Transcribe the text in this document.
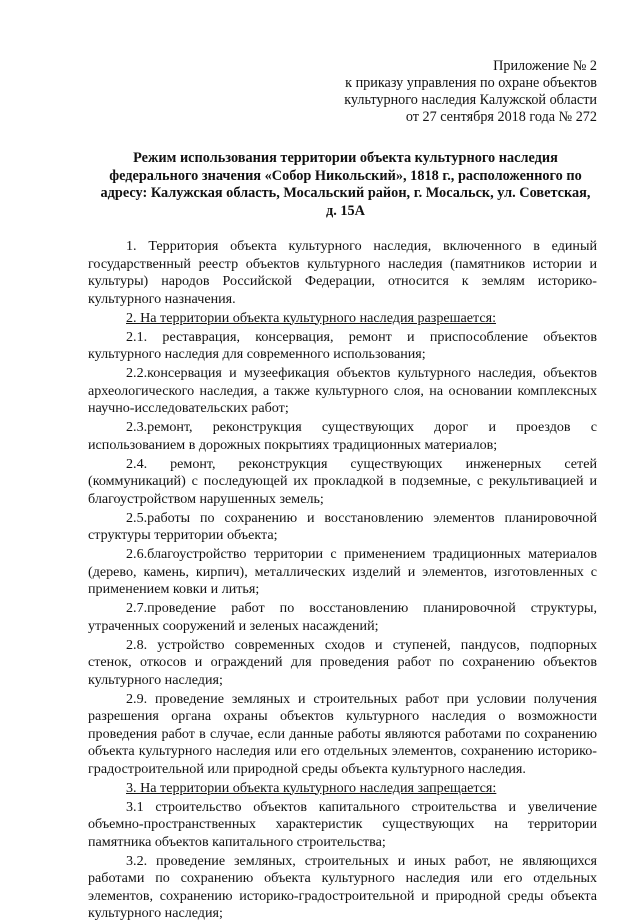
Приложение № 2
к приказу управления по охране объектов
культурного наследия Калужской области
от 27 сентября 2018 года № 272
Режим использования территории объекта культурного наследия
федерального значения «Собор Никольский», 1818 г., расположенного по
адресу: Калужская область, Мосальский район, г. Мосальск, ул. Советская,
д. 15А

1. Территория объекта культурного наследия, включенного в единый государственный реестр объектов культурного наследия (памятников истории и культуры) народов Российской Федерации, относится к землям историко-культурного назначения.

2. На территории объекта культурного наследия разрешается:

2.1. реставрация, консервация, ремонт и приспособление объектов культурного наследия для современного использования;

2.2.консервация и музеефикация объектов культурного наследия, объектов археологического наследия, а также культурного слоя, на основании комплексных научно-исследовательских работ;

2.3.ремонт, реконструкция существующих дорог и проездов с использованием в дорожных покрытиях традиционных материалов;

2.4. ремонт, реконструкция существующих инженерных сетей (коммуникаций) с последующей их прокладкой в подземные, с рекультивацией и благоустройством нарушенных земель;

2.5.работы по сохранению и восстановлению элементов планировочной структуры территории объекта;

2.6.благоустройство территории с применением традиционных материалов (дерево, камень, кирпич), металлических изделий и элементов, изготовленных с применением ковки и литья;

2.7.проведение работ по восстановлению планировочной структуры, утраченных сооружений и зеленых насаждений;

2.8. устройство современных сходов и ступеней, пандусов, подпорных стенок, откосов и ограждений для проведения работ по сохранению объектов культурного наследия;

2.9. проведение земляных и строительных работ при условии получения разрешения органа охраны объектов культурного наследия о возможности проведения работ в случае, если данные работы являются работами по сохранению объекта культурного наследия или его отдельных элементов, сохранению историко-градостроительной или природной среды объекта культурного наследия.

3. На территории объекта культурного наследия запрещается:

3.1 строительство объектов капитального строительства и увеличение объемно-пространственных характеристик существующих на территории памятника объектов капитального строительства;

3.2. проведение земляных, строительных и иных работ, не являющихся работами по сохранению объекта культурного наследия или его отдельных элементов, сохранению историко-градостроительной и природной среды объекта культурного наследия;
